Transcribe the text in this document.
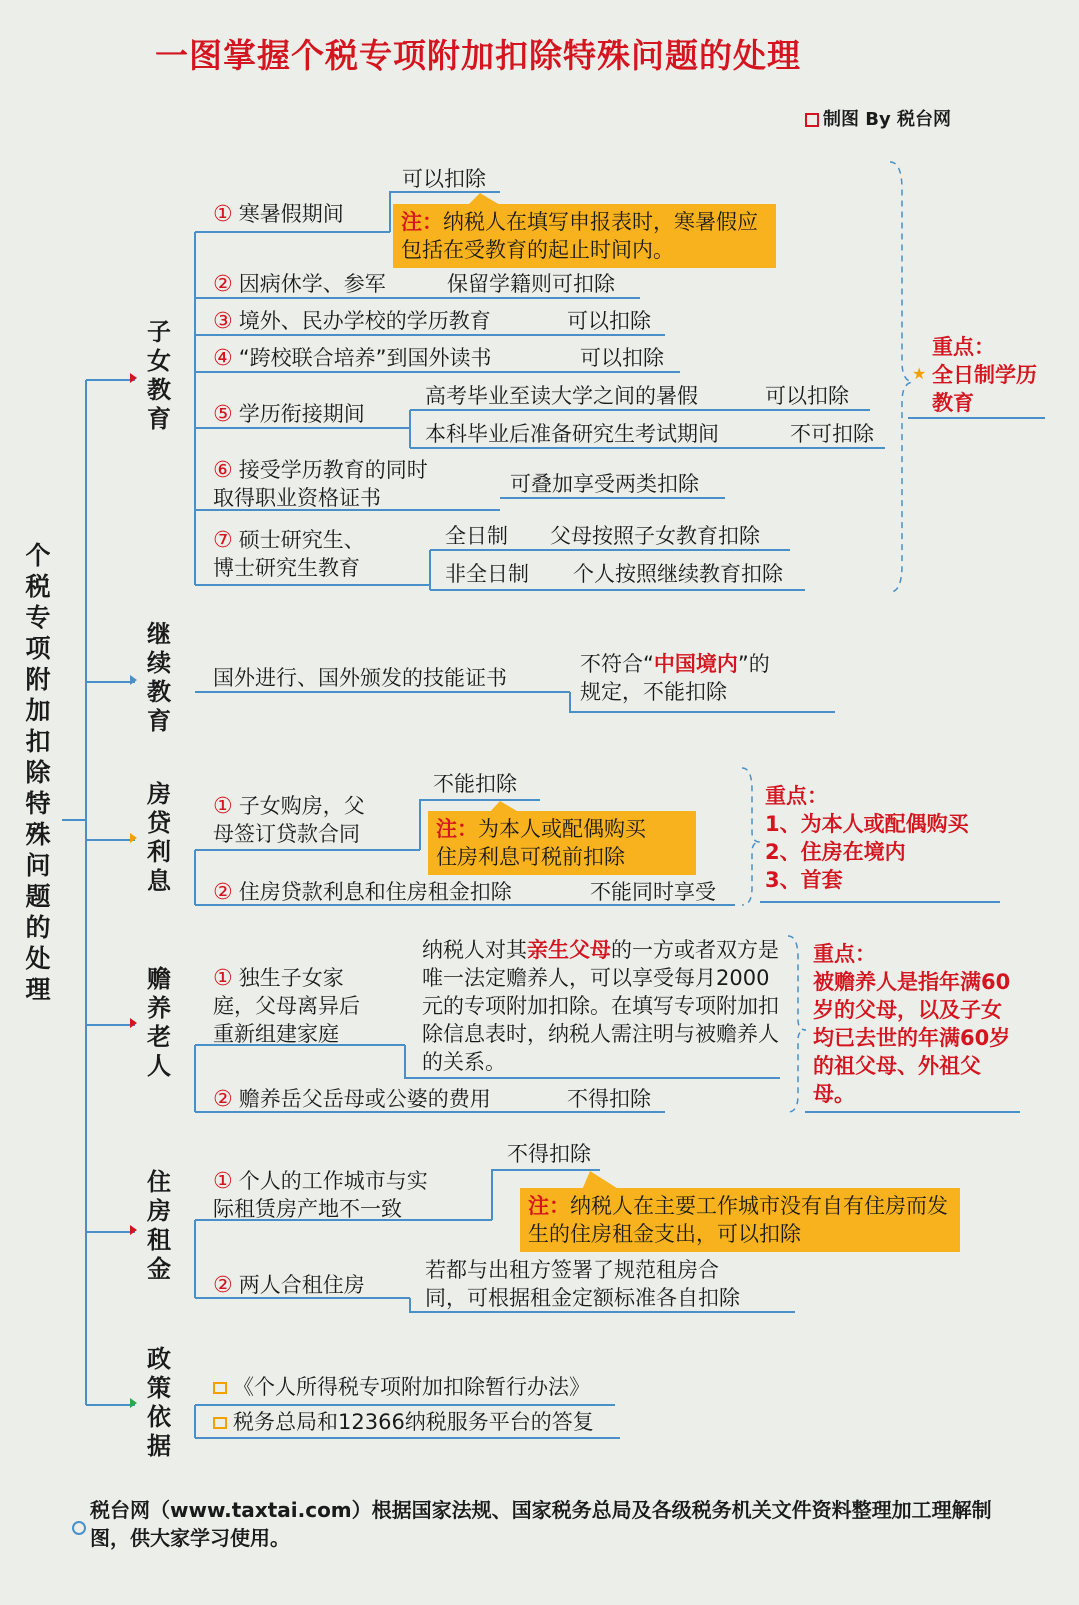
一图掌握个税专项附加扣除特殊问题的处理
制图 By 税台网
个税专项附加扣除特殊问题的处理
子女教育
① 寒暑假期间
可以扣除
注：纳税人在填写申报表时，寒暑假应包括在受教育的起止时间内。
② 因病休学、参军	保留学籍则可扣除
③ 境外、民办学校的学历教育	可以扣除
④ “跨校联合培养”到国外读书	可以扣除
⑤ 学历衔接期间
高考毕业至读大学之间的暑假	可以扣除
本科毕业后准备研究生考试期间	不可扣除
⑥ 接受学历教育的同时
取得职业资格证书
可叠加享受两类扣除
⑦ 硕士研究生、
博士研究生教育
全日制 父母按照子女教育扣除
非全日制 个人按照继续教育扣除
重点：
★ 全日制学历教育
继续教育
国外进行、国外颁发的技能证书
不符合“中国境内”的
规定，不能扣除
房贷利息
① 子女购房，父
母签订贷款合同
不能扣除
注：为本人或配偶购买
住房利息可税前扣除
② 住房贷款利息和住房租金扣除	不能同时享受
重点：
1、为本人或配偶购买
2、住房在境内
3、首套
赡养老人
① 独生子女家
庭，父母离异后
重新组建家庭
纳税人对其亲生父母的一方或者双方是唯一法定赡养人，可以享受每月2000元的专项附加扣除。在填写专项附加扣除信息表时，纳税人需注明与被赡养人的关系。
② 赡养岳父岳母或公婆的费用	不得扣除
重点：
被赡养人是指年满60岁的父母，以及子女均已去世的年满60岁的祖父母、外祖父母。
住房租金
① 个人的工作城市与实
际租赁房产地不一致
不得扣除
注：纳税人在主要工作城市没有自有住房而发生的住房租金支出，可以扣除
② 两人合租住房
若都与出租方签署了规范租房合
同，可根据租金定额标准各自扣除
政策依据
《个人所得税专项附加扣除暂行办法》
税务总局和12366纳税服务平台的答复
税台网（www.taxtai.com）根据国家法规、国家税务总局及各级税务机关文件资料整理加工理解制图，供大家学习使用。
